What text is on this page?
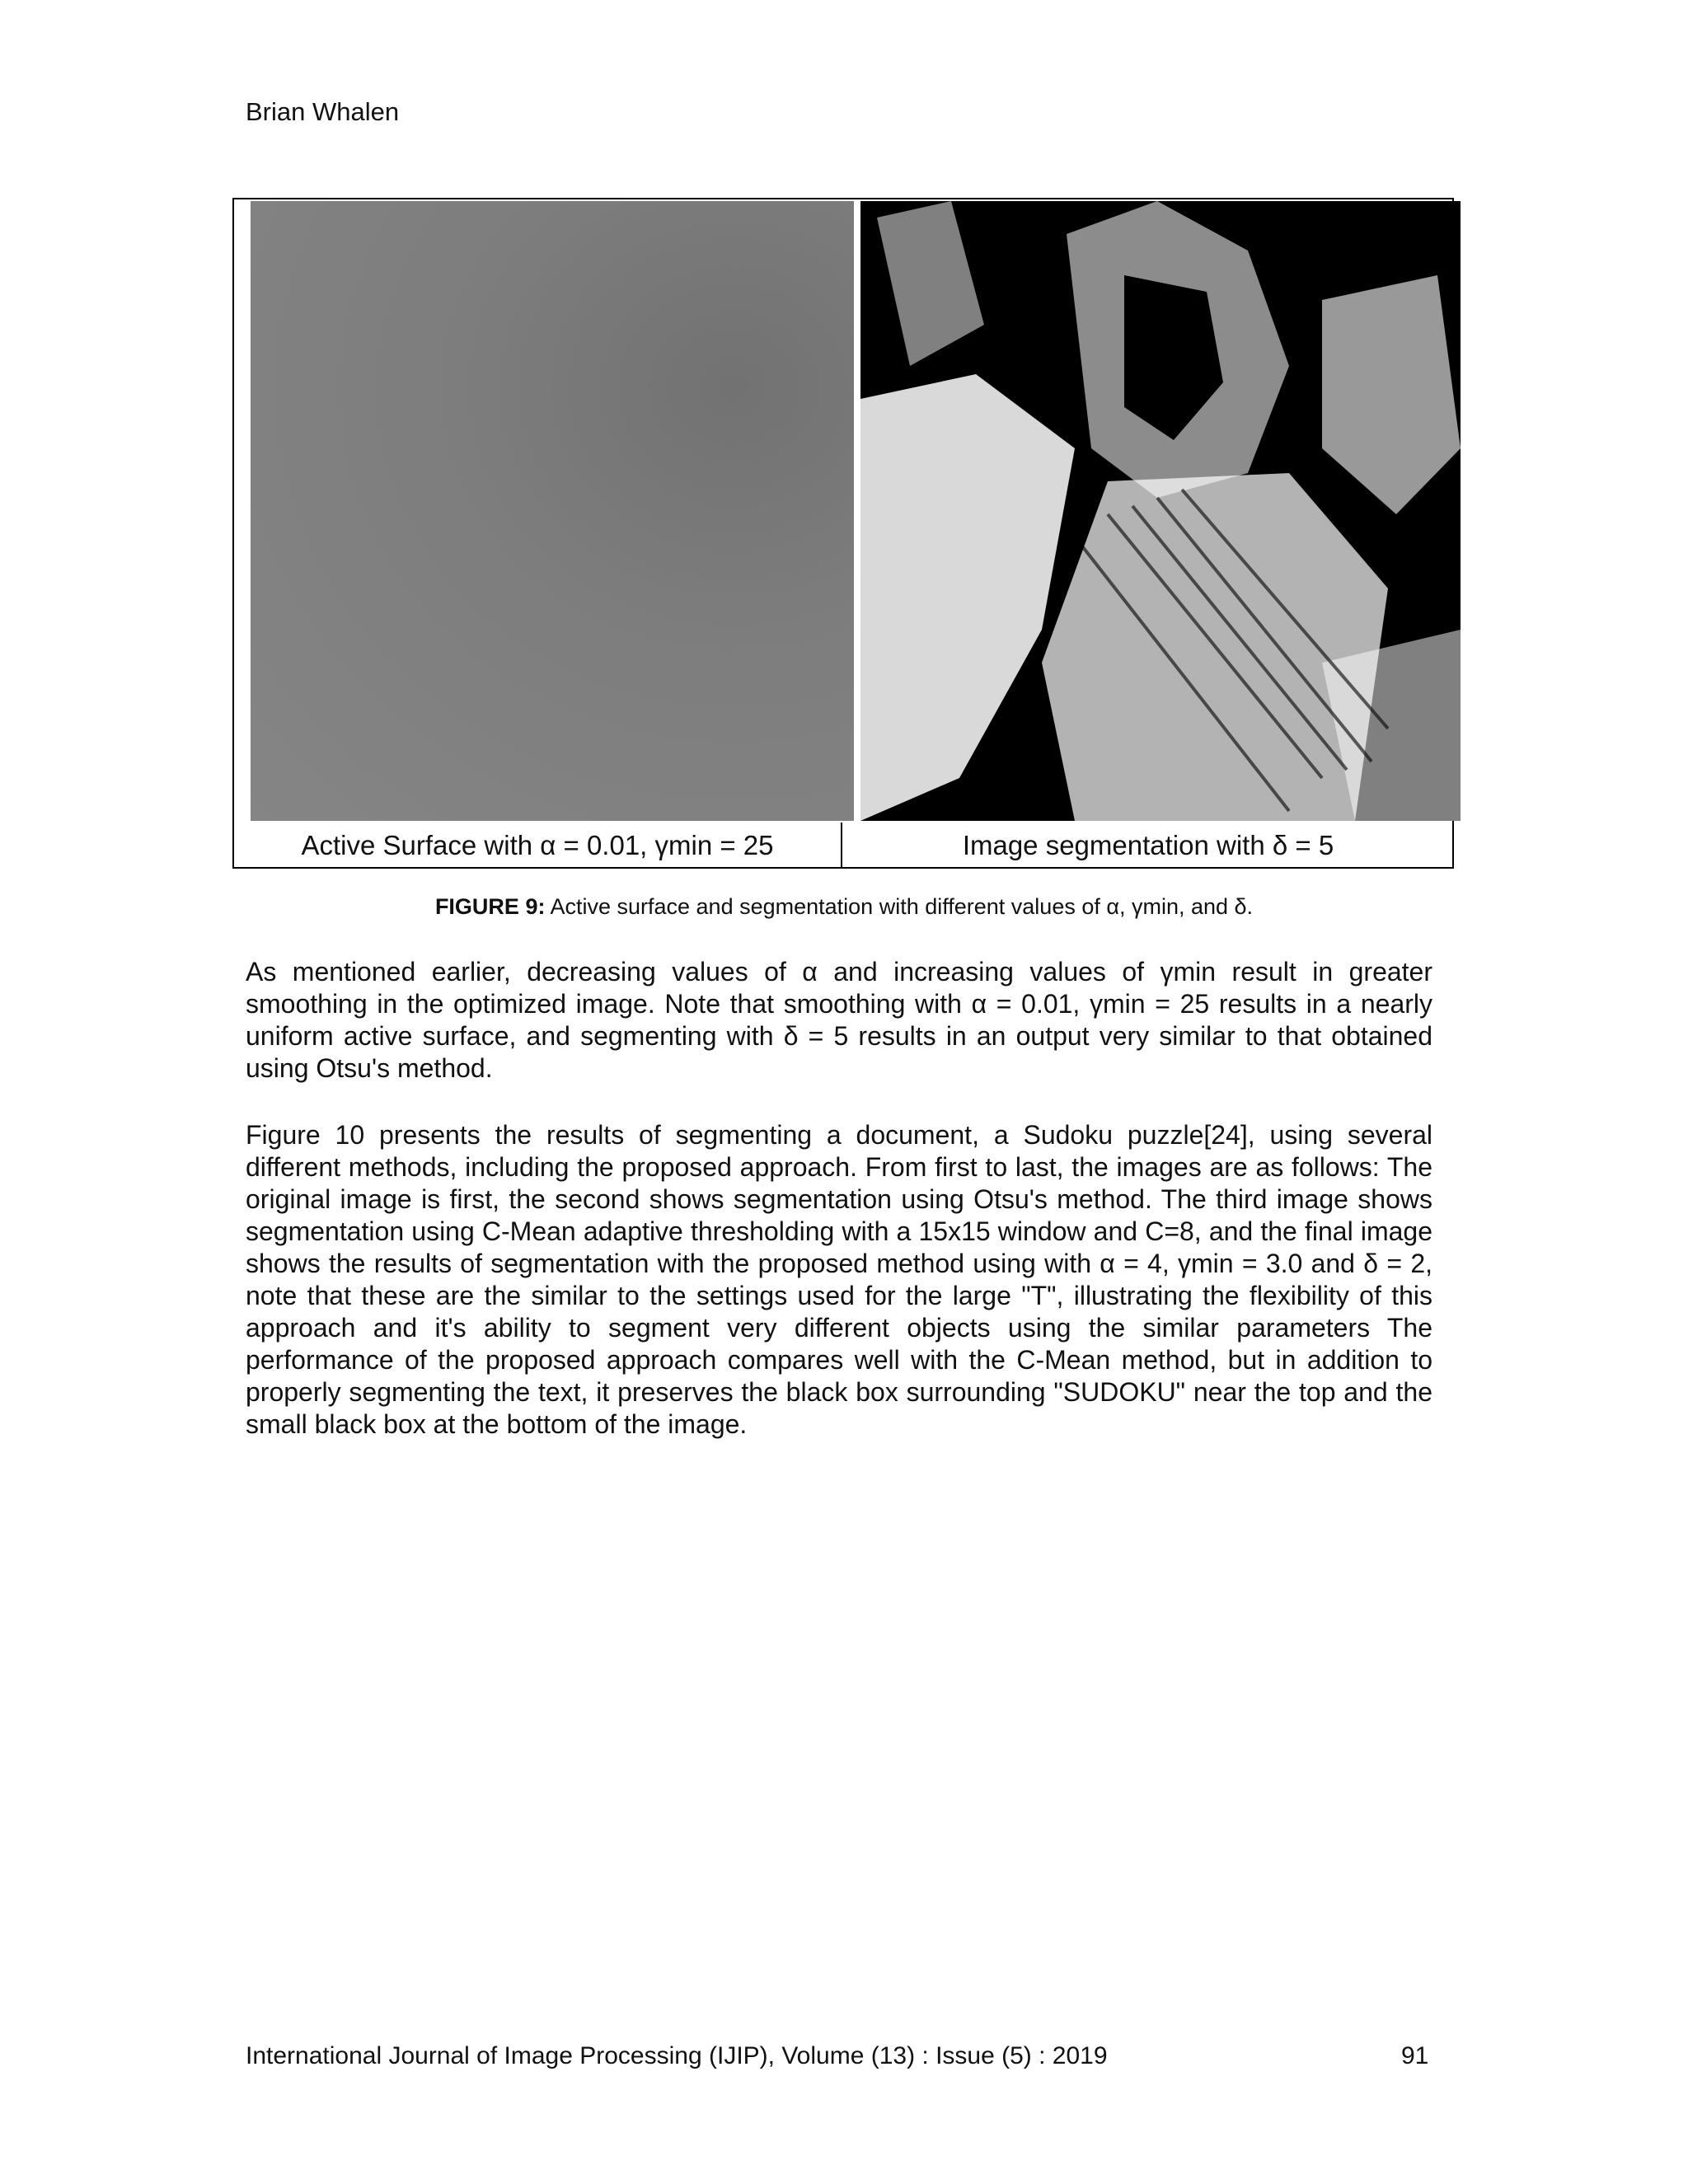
Brian Whalen
Active Surface with α = 0.01, γmin = 25	Image segmentation with δ = 5
FIGURE 9: Active surface and segmentation with different values of α, γmin, and δ.
As mentioned earlier, decreasing values of α and increasing values of γmin result in greater smoothing in the optimized image. Note that smoothing with α = 0.01, γmin = 25 results in a nearly uniform active surface, and segmenting with δ = 5 results in an output very similar to that obtained using Otsu's method.
Figure 10 presents the results of segmenting a document, a Sudoku puzzle[24], using several different methods, including the proposed approach. From first to last, the images are as follows: The original image is first, the second shows segmentation using Otsu's method. The third image shows segmentation using C-Mean adaptive thresholding with a 15x15 window and C=8, and the final image shows the results of segmentation with the proposed method using with α = 4, γmin = 3.0 and δ = 2, note that these are the similar to the settings used for the large "T", illustrating the flexibility of this approach and it's ability to segment very different objects using the similar parameters The performance of the proposed approach compares well with the C-Mean method, but in addition to properly segmenting the text, it preserves the black box surrounding "SUDOKU" near the top and the small black box at the bottom of the image.
International Journal of Image Processing (IJIP), Volume (13) : Issue (5) : 2019	91
